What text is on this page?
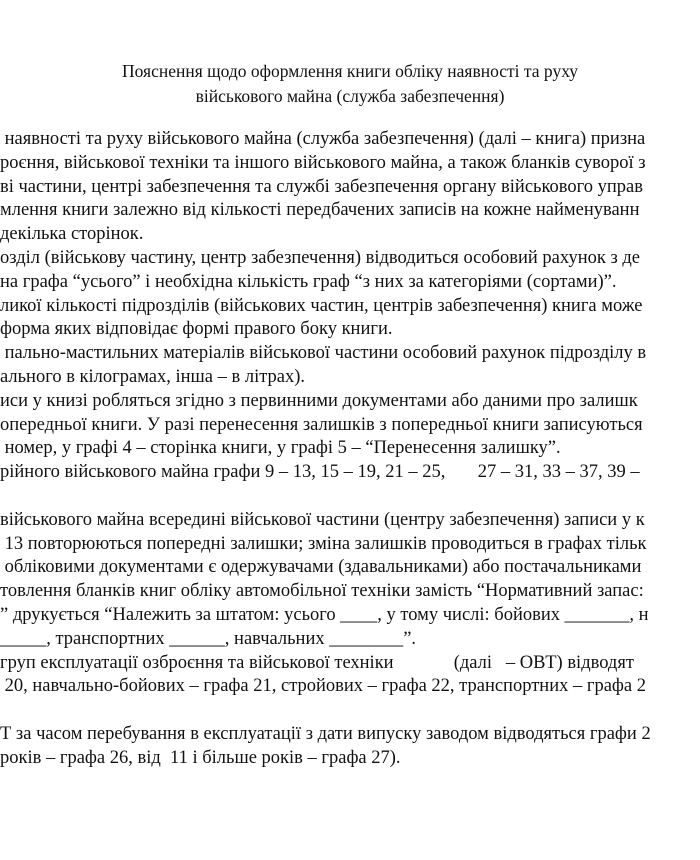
Пояснення щодо оформлення книги обліку наявності та руху
військового майна (служба забезпечення)
наявності та руху військового майна (служба забезпечення) (далі – книга) призна
роєння, військової техніки та іншого військового майна, а також бланків суворої з
ві частини, центрі забезпечення та службі забезпечення органу військового управ
млення книги залежно від кількості передбачених записів на кожне найменуванн
декілька сторінок.
озділ (військову частину, центр забезпечення) відводиться особовий рахунок з де
на графа “усього” і необхідна кількість граф “з них за категоріями (сортами)”.
ликої кількості підрозділів (військових частин, центрів забезпечення) книга може
форма яких відповідає формі правого боку книги.
пально-мастильних матеріалів військової частини особовий рахунок підрозділу в
ального в кілограмах, інша – в літрах).
иси у книзі робляться згідно з первинними документами або даними про залишк
опередньої книги. У разі перенесення залишків з попередньої книги записуються
номер, у графі 4 – сторінка книги, у графі 5 – “Перенесення залишку”.
рійного військового майна графи 9 – 13, 15 – 19, 21 – 25,       27 – 31, 33 – 37, 39 –
військового майна всередині військової частини (центру забезпечення) записи у к
13 повторюються попередні залишки; зміна залишків проводиться в графах тільк
обліковими документами є одержувачами (здавальниками) або постачальниками
товлення бланків книг обліку автомобільної техніки замість “Нормативний запас:
” друкується “Належить за штатом: усього ____, у тому числі: бойових _______, н
_____, транспортних ______, навчальних ________”.
груп експлуатації озброєння та військової техніки             (далі   – ОВТ) відводят
20, навчально-бойових – графа 21, стройових – графа 22, транспортних – графа 2
Т за часом перебування в експлуатації з дати випуску заводом відводяться графи 2
років – графа 26, від  11 і більше років – графа 27).
